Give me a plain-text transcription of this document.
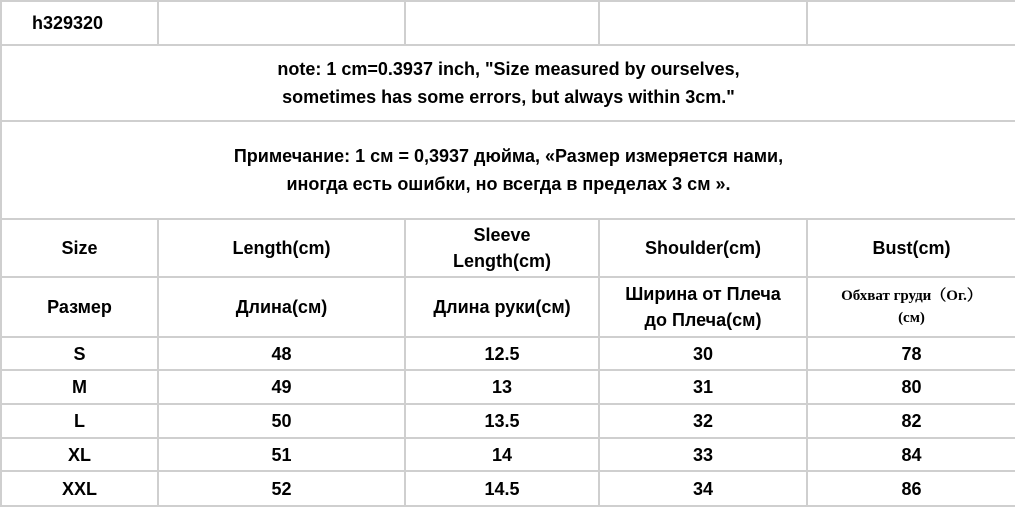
h329320				

note: 1 cm=0.3937 inch, "Size measured by ourselves,
sometimes has some errors, but always within 3cm."				

Примечание: 1 см = 0,3937 дюйма, «Размер измеряется нами,
иногда есть ошибки, но всегда в пределах 3 см ».				

Size	Length(cm)	Sleeve
Length(cm)	Shoulder(cm)	Bust(cm)
Размер	Длина(см)	Длина руки(см)	Ширина от Плеча
до Плеча(см)	Обхват груди（Ог.）
(см)

S	48	12.5	30	78
M	49	13	31	80
L	50	13.5	32	82
XL	51	14	33	84
XXL	52	14.5	34	86
